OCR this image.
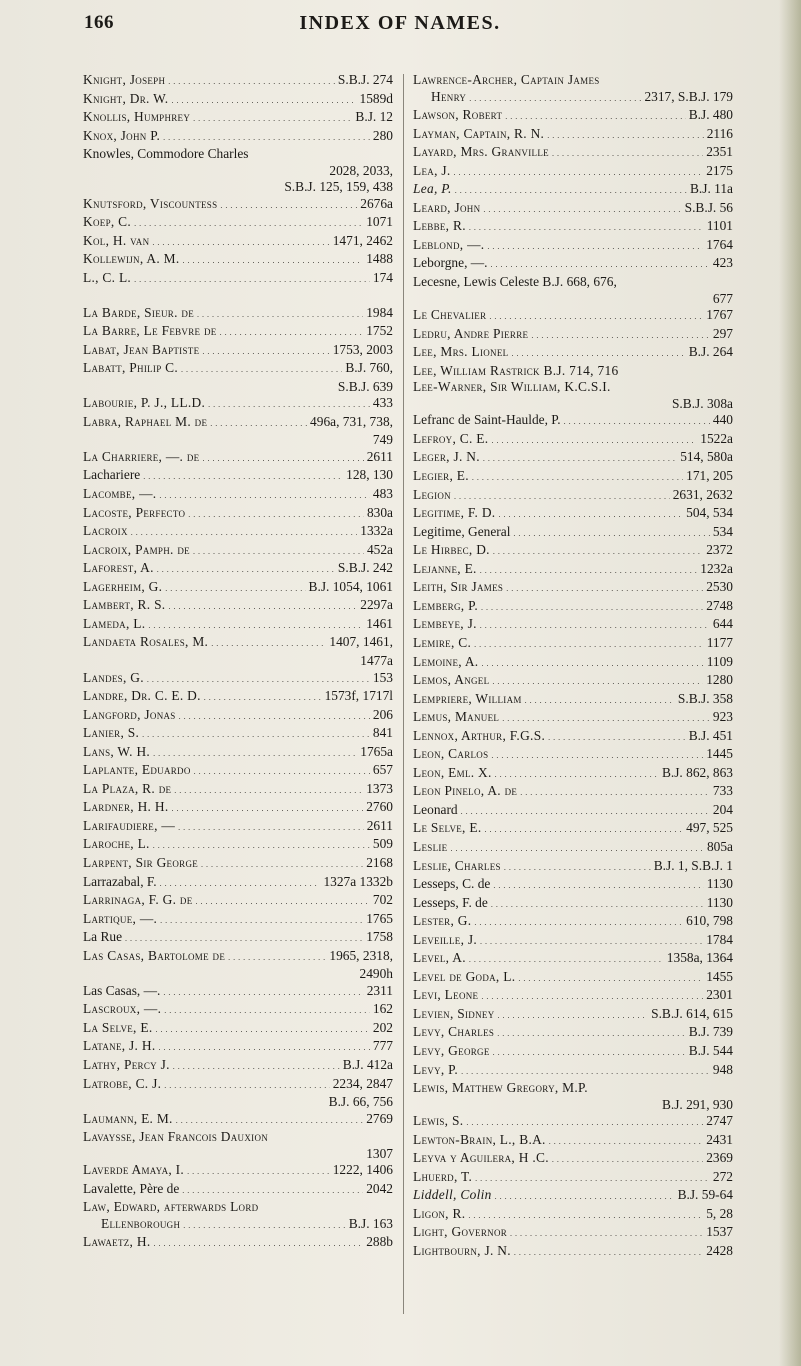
166	INDEX OF NAMES.
Knight, Joseph . . .	S.B.J. 274
Knight, Dr. W. . . .	1589d
Knollis, Humphrey . . .	B.J. 12
Knox, John P. . . .	280
Knowles, Commodore Charles
2028, 2033,
S.B.J. 125, 159, 438
Knutsford, Viscountess . . .	2676a
Koep, C. . . .	1071
Kol, H. van . . .	1471, 2462
Kollewijn, A. M. . . .	1488
L., C. L. . . .	174
La Barde, Sieur. de . . .	1984
La Barre, Le Febvre de . . .	1752
Labat, Jean Baptiste . . .	1753, 2003
Labatt, Philip C. . . .	B.J. 760,
S.B.J. 639
Labourie, P. J., LL.D. . . .	433
Labra, Raphael M. de . . .	496a, 731, 738,
749
La Charriere, —. de . . .	2611
Lachariere . . .	128, 130
Lacombe, —. . . .	483
Lacoste, Perfecto . . .	830a
Lacroix . . .	1332a
Lacroix, Pamph. de . . .	452a
Laforest, A. . . .	S.B.J. 242
Lagerheim, G. . . .	B.J. 1054, 1061
Lambert, R. S. . . .	2297a
Lameda, L. . . .	1461
Landaeta Rosales, M. . . .	1407, 1461,
1477a
Landes, G. . . .	153
Landre, Dr. C. E. D. . . .	1573f, 1717l
Langford, Jonas . . .	206
Lanier, S. . . .	841
Lans, W. H. . . .	1765a
Laplante, Eduardo . . .	657
La Plaza, R. de . . .	1373
Lardner, H. H. . . .	2760
Larifaudiere, — . . .	2611
Laroche, L. . . .	509
Larpent, Sir George . . .	2168
Larrazabal, F. . . .	1327a 1332b
Larrinaga, F. G. de . . .	702
Lartique, —. . . .	1765
La Rue . . .	1758
Las Casas, Bartolome de . . .	1965, 2318,
2490h
Las Casas, —. . . .	2311
Lascroux, —. . . .	162
La Selve, E. . . .	202
Latane, J. H. . . .	777
Lathy, Percy J. . . .	B.J. 412a
Latrobe, C. J. . . .	2234, 2847
B.J. 66, 756
Laumann, E. M. . . .	2769
Lavaysse, Jean Francois Dauxion
1307
Laverde Amaya, I. . . .	1222, 1406
Lavalette, Père de . . .	2042
Law, Edward, afterwards Lord
Ellenborough . . .	B.J. 163
Lawaetz, H. . . .	288b
Lawrence-Archer, Captain James
Henry . . .	2317, S.B.J. 179
Lawson, Robert . . .	B.J. 480
Layman, Captain, R. N. . . .	2116
Layard, Mrs. Granville . . .	2351
Lea, J. . . .	2175
Lea, P. . . .	B.J. 11a
Leard, John . . .	S.B.J. 56
Lebbe, R. . . .	1101
Leblond, —. . . .	1764
Leborgne, —. . . .	423
Lecesne, Lewis Celeste B.J. 668, 676,
677
Le Chevalier . . .	1767
Ledru, Andre Pierre . . .	297
Lee, Mrs. Lionel . . .	B.J. 264
Lee, William Rastrick B.J. 714, 716
Lee-Warner, Sir William, K.C.S.I.
S.B.J. 308a
Lefranc de Saint-Haulde, P. . . .	440
Lefroy, C. E. . . .	1522a
Leger, J. N. . . .	514, 580a
Legier, E. . . .	171, 205
Legion . . .	2631, 2632
Legitime, F. D. . . .	504, 534
Legitime, General . . .	534
Le Hirbec, D. . . .	2372
Lejanne, E. . . .	1232a
Leith, Sir James . . .	2530
Lemberg, P. . . .	2748
Lembeye, J. . . .	644
Lemire, C. . . .	1177
Lemoine, A. . . .	1109
Lemos, Angel . . .	1280
Lempriere, William . . .	S.B.J. 358
Lemus, Manuel . . .	923
Lennox, Arthur, F.G.S. . . .	B.J. 451
Leon, Carlos . . .	1445
Leon, Eml. X. . . .	B.J. 862, 863
Leon Pinelo, A. de . . .	733
Leonard . . .	204
Le Selve, E. . . .	497, 525
Leslie . . .	805a
Leslie, Charles . . .	B.J. 1, S.B.J. 1
Lesseps, C. de . . .	1130
Lesseps, F. de . . .	1130
Lester, G. . . .	610, 798
Leveille, J. . . .	1784
Level, A. . . .	1358a, 1364
Level de Goda, L. . . .	1455
Levi, Leone . . .	2301
Levien, Sidney . . .	S.B.J. 614, 615
Levy, Charles . . .	B.J. 739
Levy, George . . .	B.J. 544
Levy, P. . . .	948
Lewis, Matthew Gregory, M.P.
B.J. 291, 930
Lewis, S. . . .	2747
Lewton-Brain, L., B.A. . . .	2431
Leyva y Aguilera, H .C. . . .	2369
Lhuerd, T. . . .	272
Liddell, Colin . . .	B.J. 59-64
Ligon, R. . . .	5, 28
Light, Governor . . .	1537
Lightbourn, J. N. . . .	2428
